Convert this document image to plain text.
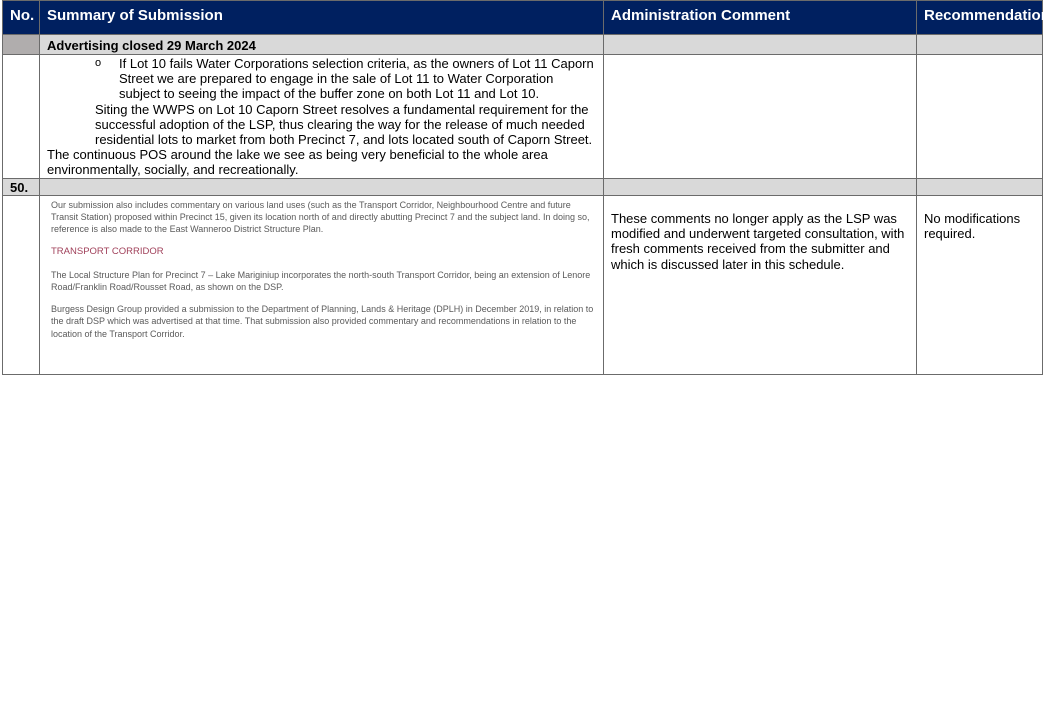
No.	Summary of Submission	Administration Comment	Recommendation
	Advertising closed 29 March 2024		

	o If Lot 10 fails Water Corporations selection criteria, as the owners of Lot 11 Caporn Street we are prepared to engage in the sale of Lot 11 to Water Corporation subject to seeing the impact of the buffer zone on both Lot 11 and Lot 10.
Siting the WWPS on Lot 10 Caporn Street resolves a fundamental requirement for the successful adoption of the LSP, thus clearing the way for the release of much needed residential lots to market from both Precinct 7, and lots located south of Caporn Street.
The continuous POS around the lake we see as being very beneficial to the whole area environmentally, socially, and recreationally.		

50.			

	Our submission also includes commentary on various land uses (such as the Transport Corridor, Neighbourhood Centre and future Transit Station) proposed within Precinct 15, given its location north of and directly abutting Precinct 7 and the subject land. In doing so, reference is also made to the East Wanneroo District Structure Plan.

TRANSPORT CORRIDOR

The Local Structure Plan for Precinct 7 – Lake Mariginiup incorporates the north-south Transport Corridor, being an extension of Lenore Road/Franklin Road/Rousset Road, as shown on the DSP.

Burgess Design Group provided a submission to the Department of Planning, Lands & Heritage (DPLH) in December 2019, in relation to the draft DSP which was advertised at that time. That submission also provided commentary and recommendations in relation to the location of the Transport Corridor.	These comments no longer apply as the LSP was modified and underwent targeted consultation, with fresh comments received from the submitter and which is discussed later in this schedule.	No modifications required.
